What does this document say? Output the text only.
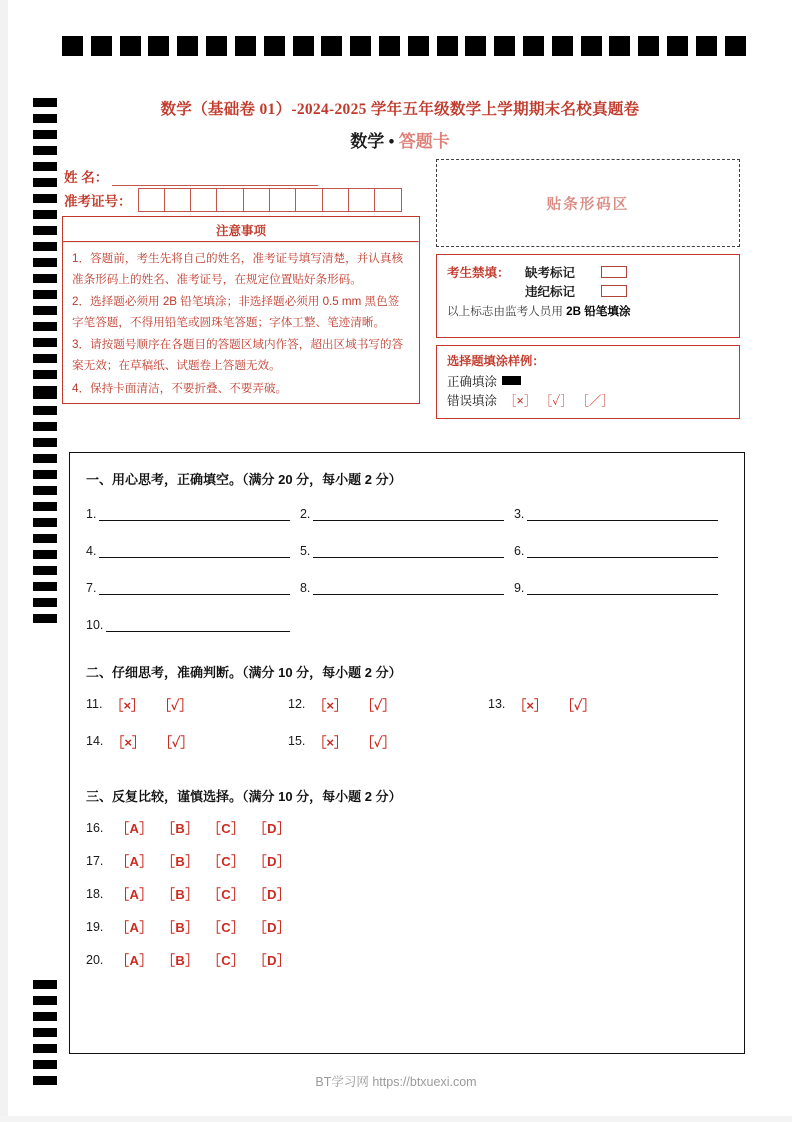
数学（基础卷 01）-2024-2025 学年五年级数学上学期期末名校真题卷
数学 • 答题卡
姓 名：
准考证号：
注意事项
1．答题前，考生先将自己的姓名，准考证号填写清楚，并认真核准条形码上的姓名、准考证号，在规定位置贴好条形码。
2．选择题必须用 2B 铅笔填涂；非选择题必须用 0.5 mm 黑色签字笔答题，不得用铅笔或圆珠笔答题；字体工整、笔迹清晰。
3．请按题号顺序在各题目的答题区域内作答，超出区域书写的答案无效；在草稿纸、试题卷上答题无效。
4．保持卡面清洁，不要折叠、不要弄破。
贴条形码区
考生禁填：	缺考标记
违纪标记
以上标志由监考人员用 2B 铅笔填涂
选择题填涂样例：
正确填涂
错误填涂 ［×］ ［✓］ ［／］
一、用心思考，正确填空。（满分 20 分，每小题 2 分）
1.	2.	3.
4.	5.	6.
7.	8.	9.
10.
二、仔细思考，准确判断。（满分 10 分，每小题 2 分）
11. ［×］ ［✓］	12. ［×］ ［✓］	13. ［×］ ［✓］
14. ［×］ ［✓］	15. ［×］ ［✓］
三、反复比较，谨慎选择。（满分 10 分，每小题 2 分）
16. ［A］ ［B］ ［C］ ［D］
17. ［A］ ［B］ ［C］ ［D］
18. ［A］ ［B］ ［C］ ［D］
19. ［A］ ［B］ ［C］ ［D］
20. ［A］ ［B］ ［C］ ［D］
BT学习网 https://btxuexi.com
